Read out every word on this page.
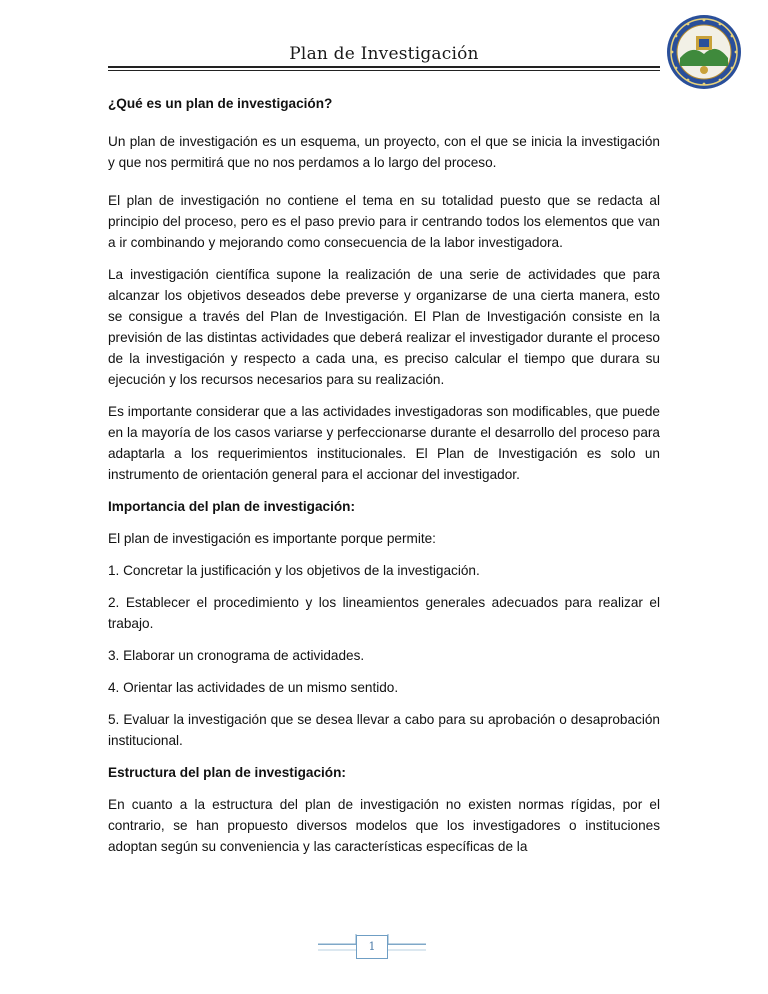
Plan de Investigación

¿Qué es un plan de investigación?

Un plan de investigación es un esquema, un proyecto, con el que se inicia la investigación y que nos permitirá que no nos perdamos a lo largo del proceso.

El plan de investigación no contiene el tema en su totalidad puesto que se redacta al principio del proceso, pero es el paso previo para ir centrando todos los elementos que van a ir combinando y mejorando como consecuencia de la labor investigadora.

La investigación científica supone la realización de una serie de actividades que para alcanzar los objetivos deseados debe preverse y organizarse de una cierta manera, esto se consigue a través del Plan de Investigación. El Plan de Investigación consiste en la previsión de las distintas actividades que deberá realizar el investigador durante el proceso de la investigación y respecto a cada una, es preciso calcular el tiempo que durara su ejecución y los recursos necesarios para su realización.

Es importante considerar que a las actividades investigadoras son modificables, que puede en la mayoría de los casos variarse y perfeccionarse durante el desarrollo del proceso para adaptarla a los requerimientos institucionales. El Plan de Investigación es solo un instrumento de orientación general para el accionar del investigador.

Importancia del plan de investigación:

El plan de investigación es importante porque permite:

1. Concretar la justificación y los objetivos de la investigación.

2. Establecer el procedimiento y los lineamientos generales adecuados para realizar el trabajo.

3. Elaborar un cronograma de actividades.

4. Orientar las actividades de un mismo sentido.

5. Evaluar la investigación que se desea llevar a cabo para su aprobación o desaprobación institucional.

Estructura del plan de investigación:

En cuanto a la estructura del plan de investigación no existen normas rígidas, por el contrario, se han propuesto diversos modelos que los investigadores o instituciones adoptan según su conveniencia y las características específicas de la

1
